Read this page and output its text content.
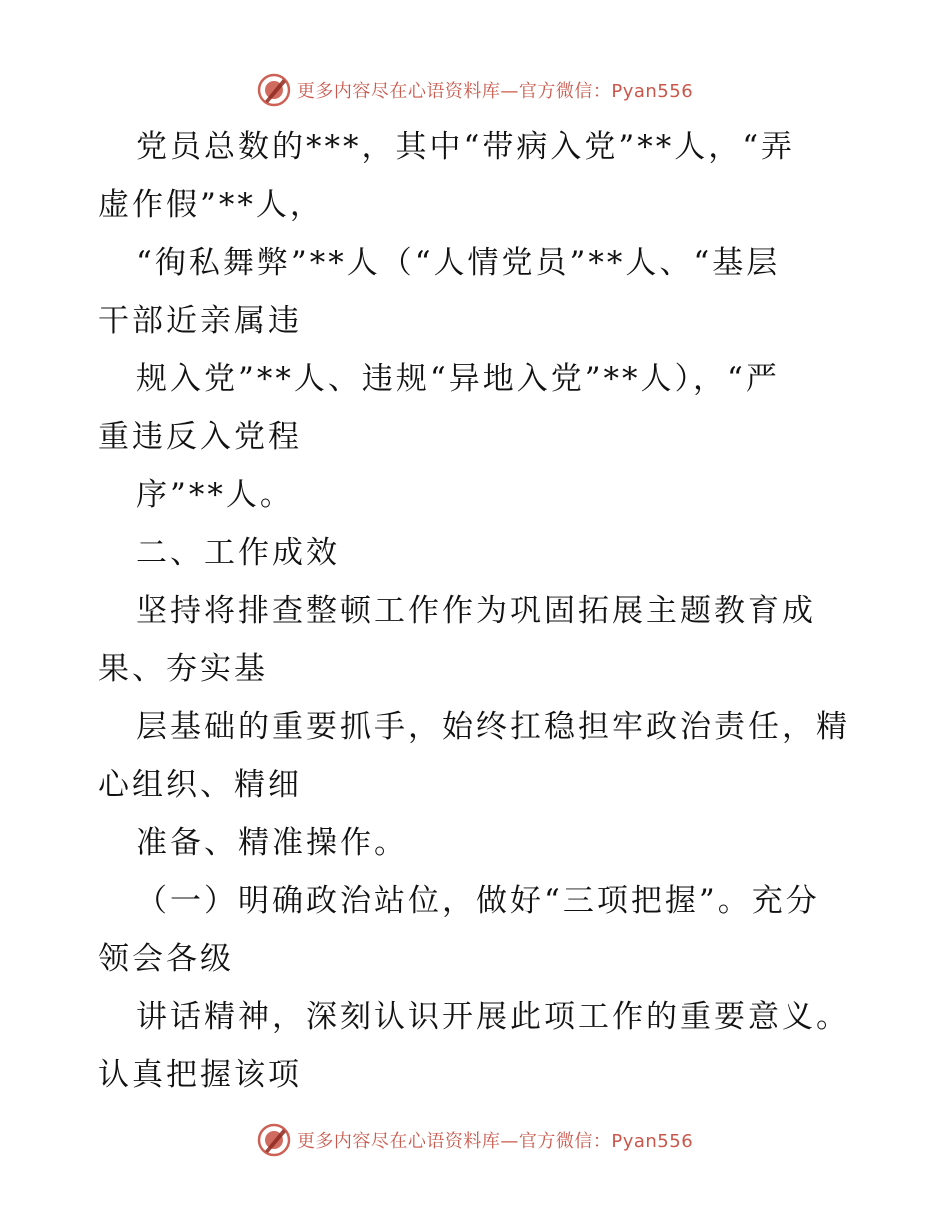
更多内容尽在心语资料库—官方微信：Pyan556
党员总数的***，其中“带病入党”**人，“弄
虚作假”**人，
“徇私舞弊”**人（“人情党员”**人、“基层
干部近亲属违
规入党”**人、违规“异地入党”**人），“严
重违反入党程
序”**人。
二、工作成效
坚持将排查整顿工作作为巩固拓展主题教育成
果、夯实基
层基础的重要抓手，始终扛稳担牢政治责任，精
心组织、精细
准备、精准操作。
（一）明确政治站位，做好“三项把握”。充分
领会各级
讲话精神，深刻认识开展此项工作的重要意义。
认真把握该项
更多内容尽在心语资料库—官方微信：Pyan556
